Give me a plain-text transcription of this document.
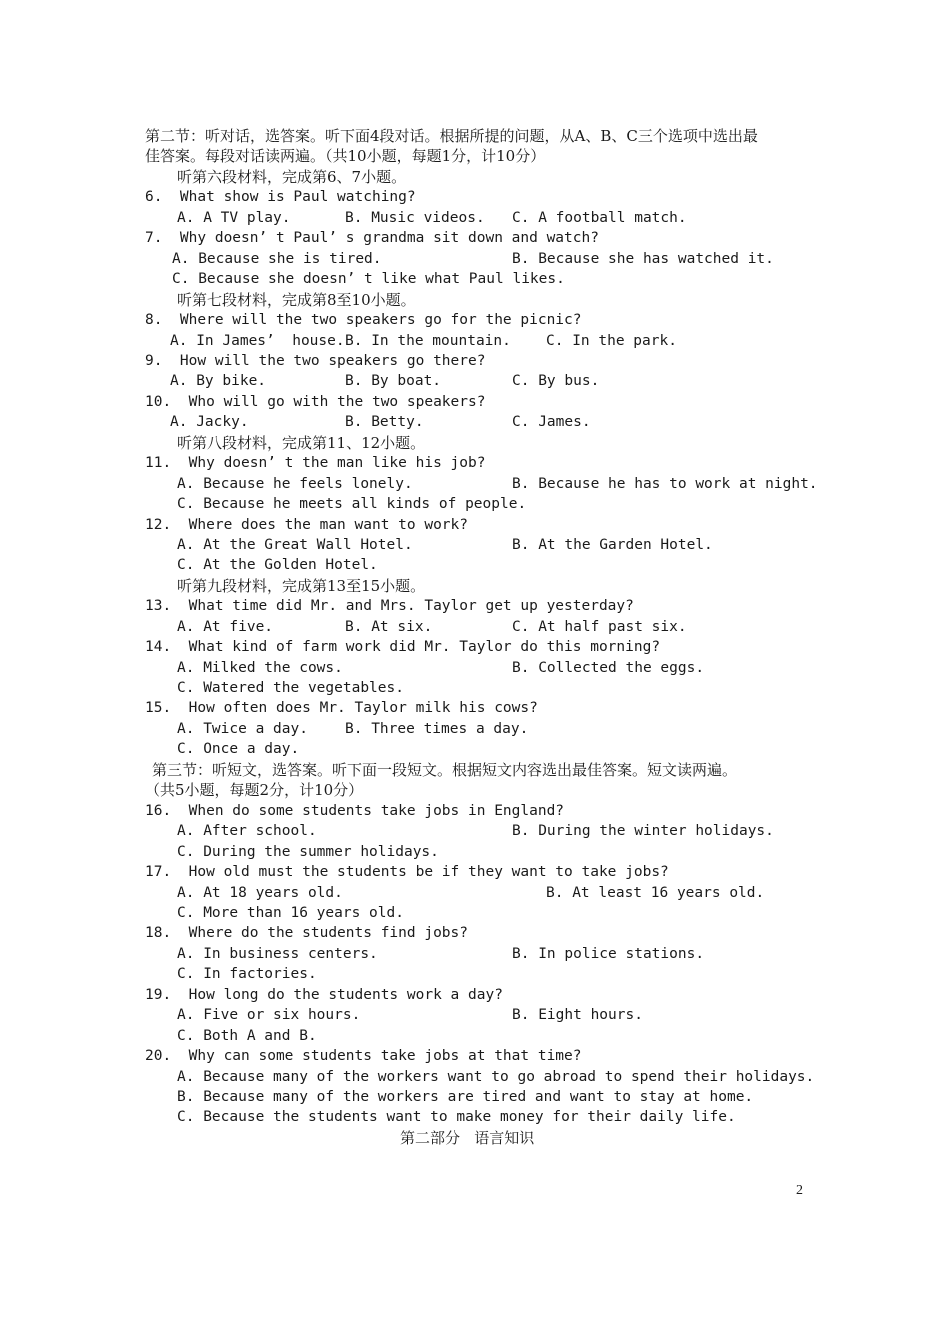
第二节：听对话，选答案。听下面4段对话。根据所提的问题，从A、B、C三个选项中选出最
佳答案。每段对话读两遍。（共10小题，每题1分，计10分）
听第六段材料，完成第6、7小题。
6.  What show is Paul watching?
A. A TV play.	B. Music videos. C. A football match.
7.  Why doesn’ t Paul’ s grandma sit down and watch?
A. Because she is tired.	B. Because she has watched it.
C. Because she doesn’ t like what Paul likes.
听第七段材料，完成第8至10小题。
8.  Where will the two speakers go for the picnic?
A. In James’  house. B. In the mountain. C. In the park.
9.  How will the two speakers go there?
A. By bike.	B. By boat.	C. By bus.
10.  Who will go with the two speakers?
A. Jacky.	B. Betty.	C. James.
听第八段材料，完成第11、12小题。
11.  Why doesn’ t the man like his job?
A. Because he feels lonely.	B. Because he has to work at night.
C. Because he meets all kinds of people.
12.  Where does the man want to work?
A. At the Great Wall Hotel.	B. At the Garden Hotel.
C. At the Golden Hotel.
听第九段材料，完成第13至15小题。
13.  What time did Mr. and Mrs. Taylor get up yesterday?
A. At five.	B. At six.	C. At half past six.
14.  What kind of farm work did Mr. Taylor do this morning?
A. Milked the cows.	B. Collected the eggs.
C. Watered the vegetables.
15.  How often does Mr. Taylor milk his cows?
A. Twice a day.	B. Three times a day.
C. Once a day.
第三节：听短文，选答案。听下面一段短文。根据短文内容选出最佳答案。短文读两遍。
（共5小题，每题2分，计10分）
16.  When do some students take jobs in England?
A. After school.	B. During the winter holidays.
C. During the summer holidays.
17.  How old must the students be if they want to take jobs?
A. At 18 years old.	B. At least 16 years old.
C. More than 16 years old.
18.  Where do the students find jobs?
A. In business centers.	B. In police stations.
C. In factories.
19.  How long do the students work a day?
A. Five or six hours.	B. Eight hours.
C. Both A and B.
20.  Why can some students take jobs at that time?
A. Because many of the workers want to go abroad to spend their holidays.
B. Because many of the workers are tired and want to stay at home.
C. Because the students want to make money for their daily life.
第二部分   语言知识
2
